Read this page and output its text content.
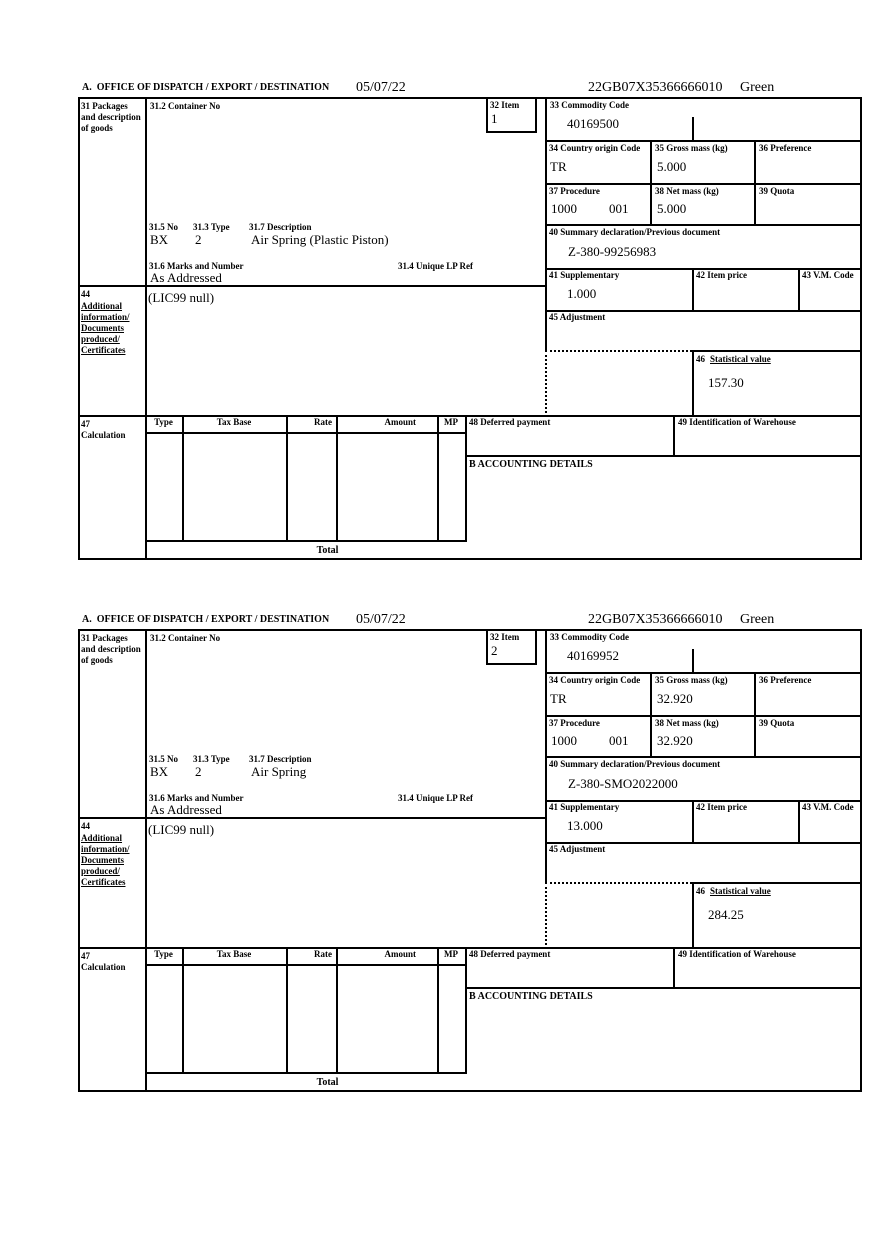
A.  OFFICE OF DISPATCH / EXPORT / DESTINATION 05/07/22	22GB07X35366666010 Green
31 Packages and description of goods
44
Additional information/ Documents produced/ Certificates
47 Calculation
31.2 Container No
31.5 No 31.3 Type 31.7 Description
BX 2	Air Spring (Plastic Piston)
31.6 Marks and Number	31.4 Unique LP Ref
As Addressed
(LIC99 null)
32 Item
1
33 Commodity Code
40169500
34 Country origin Code
TR
35 Gross mass (kg)
5.000
36 Preference
37 Procedure
1000 001
38 Net mass (kg)
5.000
39 Quota
40 Summary declaration/Previous document
Z-380-99256983
41 Supplementary
1.000
42 Item price	43 V.M. Code
45 Adjustment
46 Statistical value
157.30
Type	Tax Base	Rate	Amount	MP	48 Deferred payment	49 Identification of Warehouse
B ACCOUNTING DETAILS
Total
A.  OFFICE OF DISPATCH / EXPORT / DESTINATION 05/07/22	22GB07X35366666010 Green
31 Packages and description of goods
44
Additional information/ Documents produced/ Certificates
47 Calculation
31.2 Container No
31.5 No 31.3 Type 31.7 Description
BX 2	Air Spring
31.6 Marks and Number	31.4 Unique LP Ref
As Addressed
(LIC99 null)
32 Item
2
33 Commodity Code
40169952
34 Country origin Code
TR
35 Gross mass (kg)
32.920
36 Preference
37 Procedure
1000 001
38 Net mass (kg)
32.920
39 Quota
40 Summary declaration/Previous document
Z-380-SMO2022000
41 Supplementary
13.000
42 Item price	43 V.M. Code
45 Adjustment
46 Statistical value
284.25
Type	Tax Base	Rate	Amount	MP	48 Deferred payment	49 Identification of Warehouse
B ACCOUNTING DETAILS
Total
